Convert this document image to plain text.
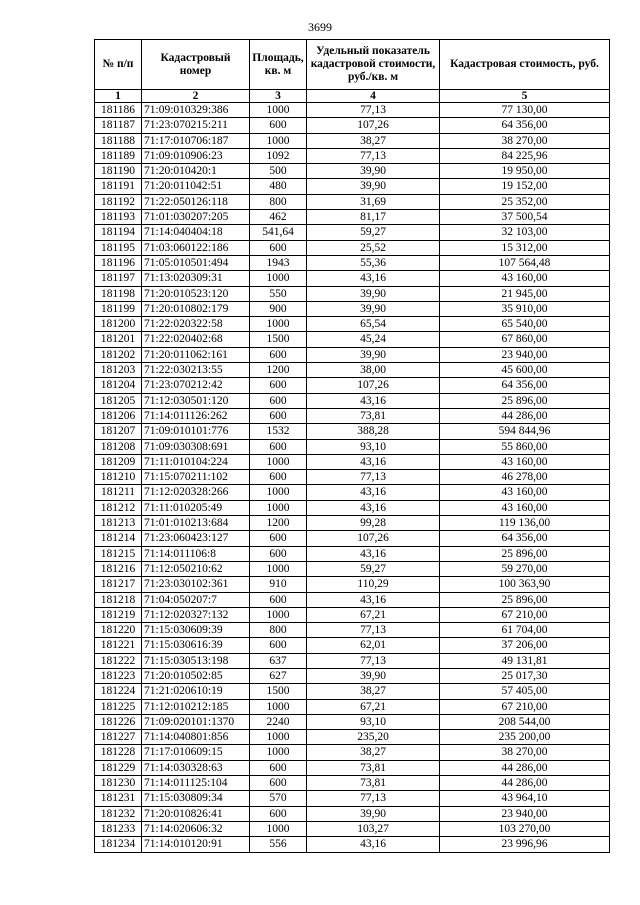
3699
№ п/п	Кадастровый номер	Площадь, кв. м	Удельный показатель кадастровой стоимости, руб./кв. м	Кадастровая стоимость, руб.
1	2	3	4	5
181186	71:09:010329:386	1000	77,13	77 130,00
181187	71:23:070215:211	600	107,26	64 356,00
181188	71:17:010706:187	1000	38,27	38 270,00
181189	71:09:010906:23	1092	77,13	84 225,96
181190	71:20:010420:1	500	39,90	19 950,00
181191	71:20:011042:51	480	39,90	19 152,00
181192	71:22:050126:118	800	31,69	25 352,00
181193	71:01:030207:205	462	81,17	37 500,54
181194	71:14:040404:18	541,64	59,27	32 103,00
181195	71:03:060122:186	600	25,52	15 312,00
181196	71:05:010501:494	1943	55,36	107 564,48
181197	71:13:020309:31	1000	43,16	43 160,00
181198	71:20:010523:120	550	39,90	21 945,00
181199	71:20:010802:179	900	39,90	35 910,00
181200	71:22:020322:58	1000	65,54	65 540,00
181201	71:22:020402:68	1500	45,24	67 860,00
181202	71:20:011062:161	600	39,90	23 940,00
181203	71:22:030213:55	1200	38,00	45 600,00
181204	71:23:070212:42	600	107,26	64 356,00
181205	71:12:030501:120	600	43,16	25 896,00
181206	71:14:011126:262	600	73,81	44 286,00
181207	71:09:010101:776	1532	388,28	594 844,96
181208	71:09:030308:691	600	93,10	55 860,00
181209	71:11:010104:224	1000	43,16	43 160,00
181210	71:15:070211:102	600	77,13	46 278,00
181211	71:12:020328:266	1000	43,16	43 160,00
181212	71:11:010205:49	1000	43,16	43 160,00
181213	71:01:010213:684	1200	99,28	119 136,00
181214	71:23:060423:127	600	107,26	64 356,00
181215	71:14:011106:8	600	43,16	25 896,00
181216	71:12:050210:62	1000	59,27	59 270,00
181217	71:23:030102:361	910	110,29	100 363,90
181218	71:04:050207:7	600	43,16	25 896,00
181219	71:12:020327:132	1000	67,21	67 210,00
181220	71:15:030609:39	800	77,13	61 704,00
181221	71:15:030616:39	600	62,01	37 206,00
181222	71:15:030513:198	637	77,13	49 131,81
181223	71:20:010502:85	627	39,90	25 017,30
181224	71:21:020610:19	1500	38,27	57 405,00
181225	71:12:010212:185	1000	67,21	67 210,00
181226	71:09:020101:1370	2240	93,10	208 544,00
181227	71:14:040801:856	1000	235,20	235 200,00
181228	71:17:010609:15	1000	38,27	38 270,00
181229	71:14:030328:63	600	73,81	44 286,00
181230	71:14:011125:104	600	73,81	44 286,00
181231	71:15:030809:34	570	77,13	43 964,10
181232	71:20:010826:41	600	39,90	23 940,00
181233	71:14:020606:32	1000	103,27	103 270,00
181234	71:14:010120:91	556	43,16	23 996,96
